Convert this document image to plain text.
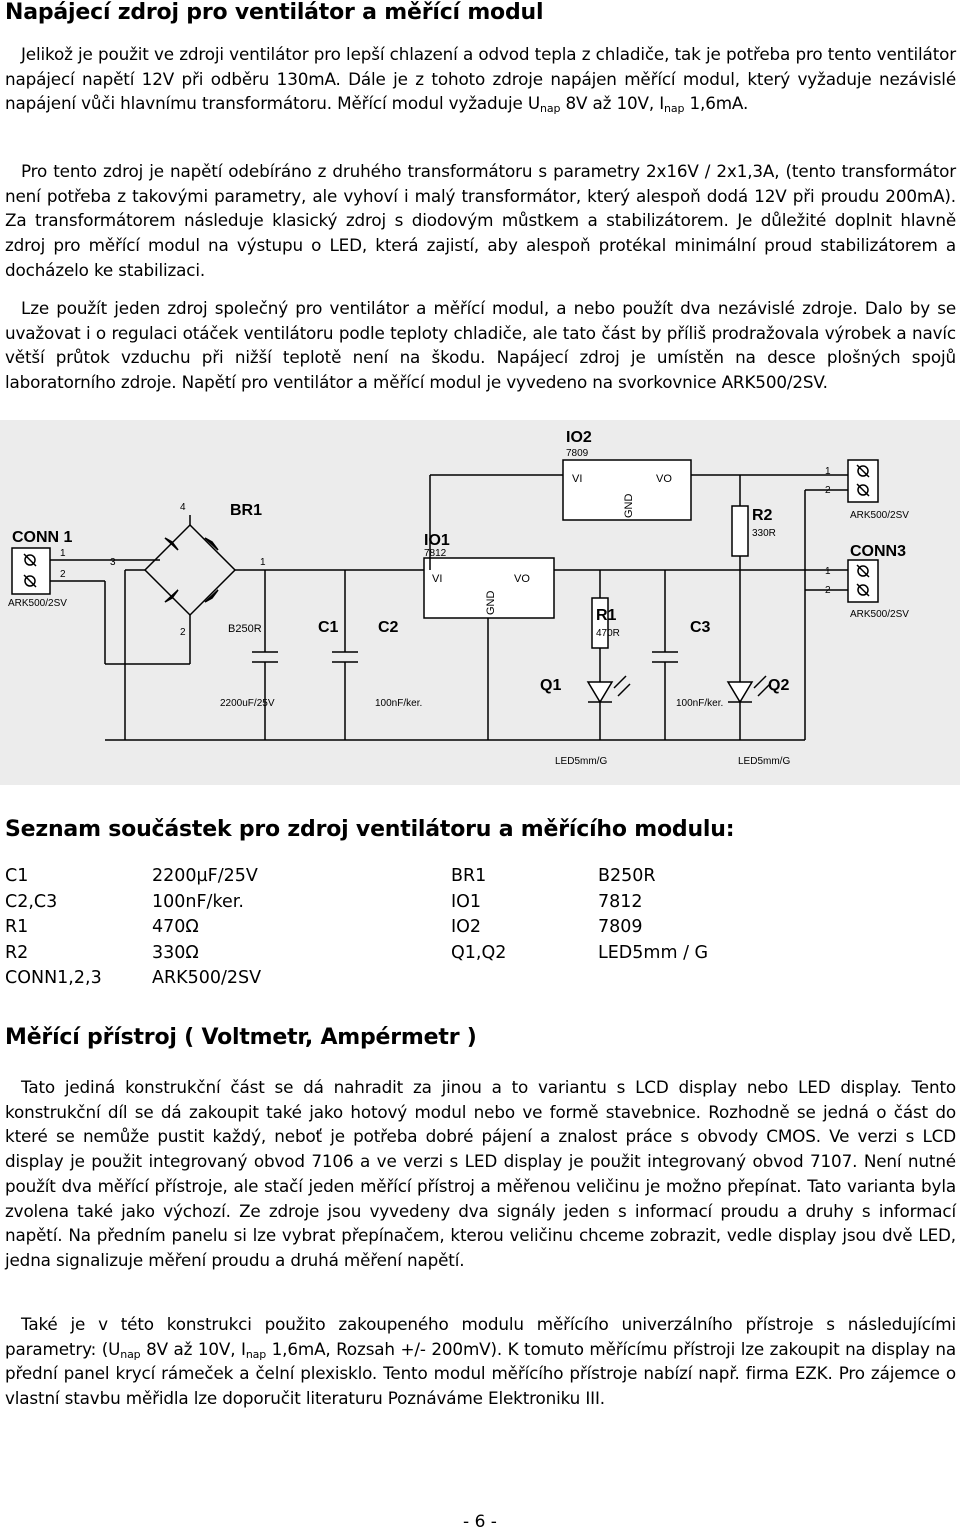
Napájecí zdroj pro ventilátor a měřící modul

Jelikož je použit ve zdroji ventilátor pro lepší chlazení a odvod tepla z chladiče, tak je potřeba pro tento ventilátor napájecí napětí 12V při odběru 130mA. Dále je z tohoto zdroje napájen měřící modul, který vyžaduje nezávislé napájení vůči hlavnímu transformátoru. Měřící modul vyžaduje $U_{nap}$ 8V až 10V, $I_{nap}$ 1,6mA.

Pro tento zdroj je napětí odebíráno z druhého transformátoru s parametry 2x16V / 2x1,3A, (tento transformátor není potřeba z takovými parametry, ale vyhoví i malý transformátor, který alespoň dodá 12V při proudu 200mA). Za transformátorem následuje klasický zdroj s diodovým můstkem a stabilizátorem. Je důležité doplnit hlavně zdroj pro měřící modul na výstupu o LED, která zajistí, aby alespoň protékal minimální proud stabilizátorem a docházelo ke stabilizaci.

Lze použít jeden zdroj společný pro ventilátor a měřící modul, a nebo použít dva nezávislé zdroje. Dalo by se uvažovat i o regulaci otáček ventilátoru podle teploty chladiče, ale tato část by příliš prodražovala výrobek a navíc větší průtok vzduchu při nižší teplotě není na škodu. Napájecí zdroj je umístěn na desce plošných spojů laboratorního zdroje. Napětí pro ventilátor a měřící modul je vyvedeno na svorkovnice ARK500/2SV.

CONN 1
ARK500/2SV
1
2
BR1
B250R
4
1
3
2	C1
2200uF/25V
C2
100nF/ker.
IO1
7812
VI	VO
GND
IO2
7809
VI	VO
GND
R1
470R
R2
330R
C3
100nF/ker.
Q1	Q2
LED5mm/G	LED5mm/G
1
2
ARK500/2SV
CONN3
1
2
ARK500/2SV
Seznam součástek pro zdroj ventilátoru a měřícího modulu:
C1	2200µF/25V	BR1	B250R
C2,C3	100nF/ker.	IO1	7812
R1	470Ω	IO2	7809
R2	330Ω	Q1,Q2	LED5mm / G
CONN1,2,3	ARK500/2SV
Měřící přístroj ( Voltmetr, Ampérmetr )

Tato jediná konstrukční část se dá nahradit za jinou a to variantu s LCD display nebo LED display. Tento konstrukční díl se dá zakoupit také jako hotový modul nebo ve formě stavebnice. Rozhodně se jedná o část do které se nemůže pustit každý, neboť je potřeba dobré pájení a znalost práce s obvody CMOS. Ve verzi s LCD display je použit integrovaný obvod 7106 a ve verzi s LED display je použit integrovaný obvod 7107. Není nutné použít dva měřící přístroje, ale stačí jeden měřící přístroj a měřenou veličinu je možno přepínat. Tato varianta byla zvolena také jako výchozí. Ze zdroje jsou vyvedeny dva signály jeden s informací proudu a druhy s informací napětí. Na předním panelu si lze vybrat přepínačem, kterou veličinu chceme zobrazit, vedle display jsou dvě LED, jedna signalizuje měření proudu a druhá měření napětí.

Také je v této konstrukci použito zakoupeného modulu měřícího univerzálního přístroje s následujícími parametry: ($U_{nap}$ 8V až 10V, $I_{nap}$ 1,6mA, Rozsah +/- 200mV). K tomuto měřícímu přístroji lze zakoupit na display na přední panel krycí rámeček a čelní plexisklo. Tento modul měřícího přístroje nabízí např. firma EZK. Pro zájemce o vlastní stavbu měřidla lze doporučit literaturu Poznáváme Elektroniku III.

- 6 -
